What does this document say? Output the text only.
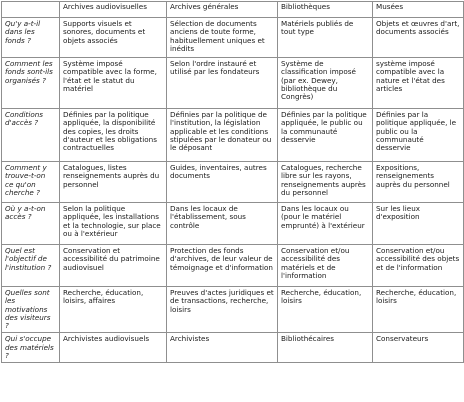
	Archives audiovisuelles	Archives générales	Bibliothèques	Musées
Qu'y a-t-il dans les fonds ?	Supports visuels et sonores, documents et objets associés	Sélection de documents anciens de toute forme, habituellement uniques et inédits	Matériels publiés de tout type	Objets et œuvres d'art, documents associés
Comment les fonds sont-ils organisés ?	Système imposé compatible avec la forme, l'état et le statut du matériel	Selon l'ordre instauré et utilisé par les fondateurs	Système de classification imposé (par ex. Dewey, bibliothèque du Congrès)	système imposé compatible avec la nature et l'état des articles
Conditions d'accès ?	Définies par la politique appliquée, la disponibilité des copies, les droits d'auteur et les obligations contractuelles	Définies par la politique de l'institution, la législation applicable et les conditions stipulées par le donateur ou le déposant	Définies par la politique appliquée, le public ou la communauté desservie	Définies par la politique appliquée, le public ou la communauté desservie
Comment y trouve-t-on ce qu'on cherche ?	Catalogues, listes renseignements auprès du personnel	Guides, inventaires, autres documents	Catalogues, recherche libre sur les rayons, renseignements auprès du personnel	Expositions, renseignements auprès du personnel
Où y a-t-on accès ?	Selon la politique appliquée, les installations et la technologie, sur place ou à l'extérieur	Dans les locaux de l'établissement, sous contrôle	Dans les locaux ou (pour le matériel emprunté) à l'extérieur	Sur les lieux d'exposition
Quel est l'objectif de l'institution ?	Conservation et accessibilité du patrimoine audiovisuel	Protection des fonds d'archives, de leur valeur de témoignage et d'information	Conservation et/ou accessibilité des matériels et de l'information	Conservation et/ou accessibilité des objets et de l'information
Quelles sont les motivations des visiteurs ?	Recherche, éducation, loisirs, affaires	Preuves d'actes juridiques et de transactions, recherche, loisirs	Recherche, éducation, loisirs	Recherche, éducation, loisirs
Qui s'occupe des matériels ?	Archivistes audiovisuels	Archivistes	Bibliothécaires	Conservateurs
